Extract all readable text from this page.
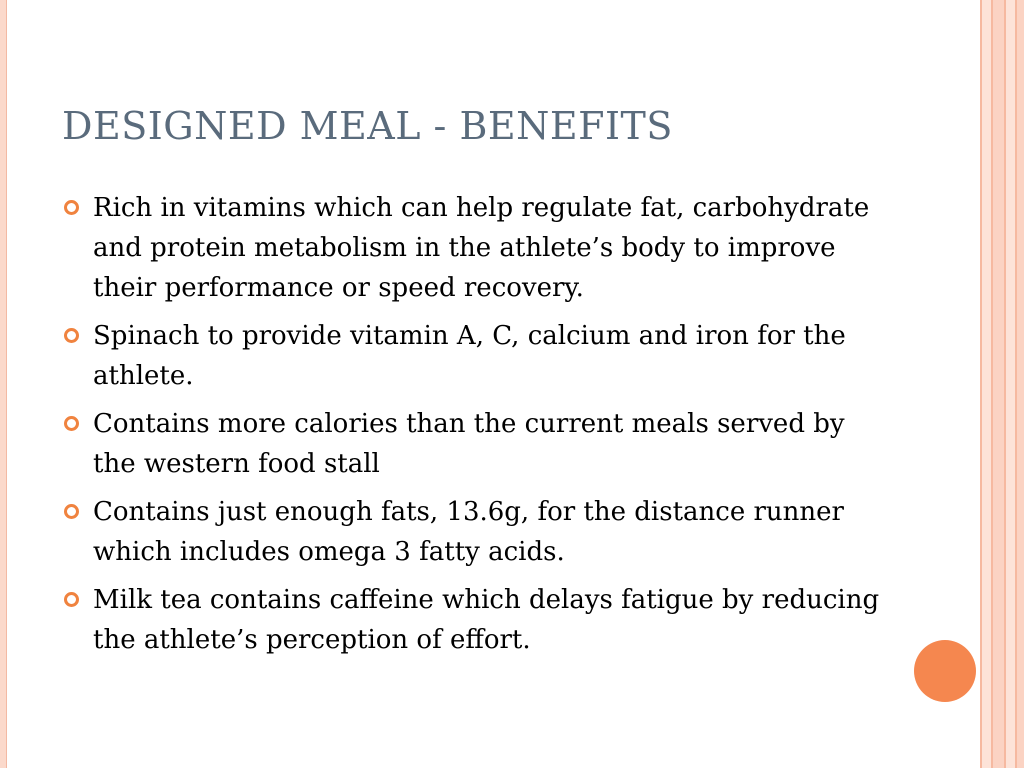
DESIGNED MEAL - BENEFITS
Rich in vitamins which can help regulate fat, carbohydrate and protein metabolism in the athlete’s body to improve their performance or speed recovery.
Spinach to provide vitamin A, C, calcium and iron for the athlete.
Contains more calories than the current meals served by the western food stall
Contains just enough fats, 13.6g, for the distance runner which includes omega 3 fatty acids.
Milk tea contains caffeine which delays fatigue by reducing the athlete’s perception of effort.
